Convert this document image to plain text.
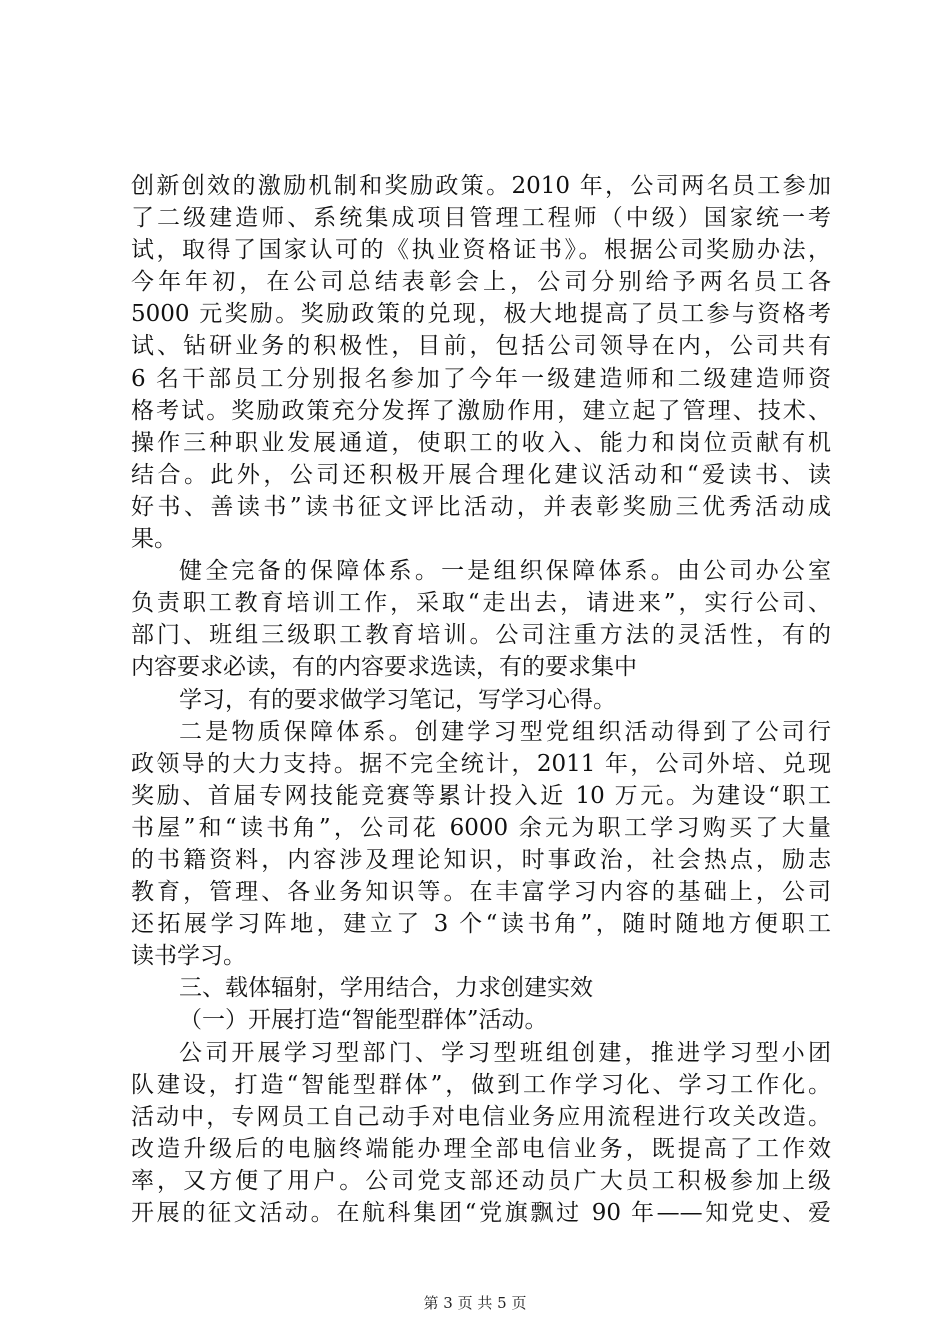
创新创效的激励机制和奖励政策。2010 年，公司两名员工参加
了二级建造师、系统集成项目管理工程师（中级）国家统一考
试，取得了国家认可的《执业资格证书》。根据公司奖励办法，
今年年初，在公司总结表彰会上，公司分别给予两名员工各
5000 元奖励。奖励政策的兑现，极大地提高了员工参与资格考
试、钻研业务的积极性，目前，包括公司领导在内，公司共有
6 名干部员工分别报名参加了今年一级建造师和二级建造师资
格考试。奖励政策充分发挥了激励作用，建立起了管理、技术、
操作三种职业发展通道，使职工的收入、能力和岗位贡献有机
结合。此外，公司还积极开展合理化建议活动和“爱读书、读
好书、善读书”读书征文评比活动，并表彰奖励三优秀活动成
果。
健全完备的保障体系。一是组织保障体系。由公司办公室
负责职工教育培训工作，采取“走出去，请进来”，实行公司、
部门、班组三级职工教育培训。公司注重方法的灵活性，有的
内容要求必读，有的内容要求选读，有的要求集中
学习，有的要求做学习笔记，写学习心得。
二是物质保障体系。创建学习型党组织活动得到了公司行
政领导的大力支持。据不完全统计，2011 年，公司外培、兑现
奖励、首届专网技能竞赛等累计投入近 10 万元。为建设“职工
书屋”和“读书角”，公司花 6000 余元为职工学习购买了大量
的书籍资料，内容涉及理论知识，时事政治，社会热点，励志
教育，管理、各业务知识等。在丰富学习内容的基础上，公司
还拓展学习阵地，建立了 3 个“读书角”，随时随地方便职工
读书学习。
三、载体辐射，学用结合，力求创建实效
（一）开展打造“智能型群体”活动。
公司开展学习型部门、学习型班组创建，推进学习型小团
队建设，打造“智能型群体”，做到工作学习化、学习工作化。
活动中，专网员工自己动手对电信业务应用流程进行攻关改造。
改造升级后的电脑终端能办理全部电信业务，既提高了工作效
率，又方便了用户。公司党支部还动员广大员工积极参加上级
开展的征文活动。在航科集团“党旗飘过 90 年——知党史、爱
第 3 页 共 5 页
